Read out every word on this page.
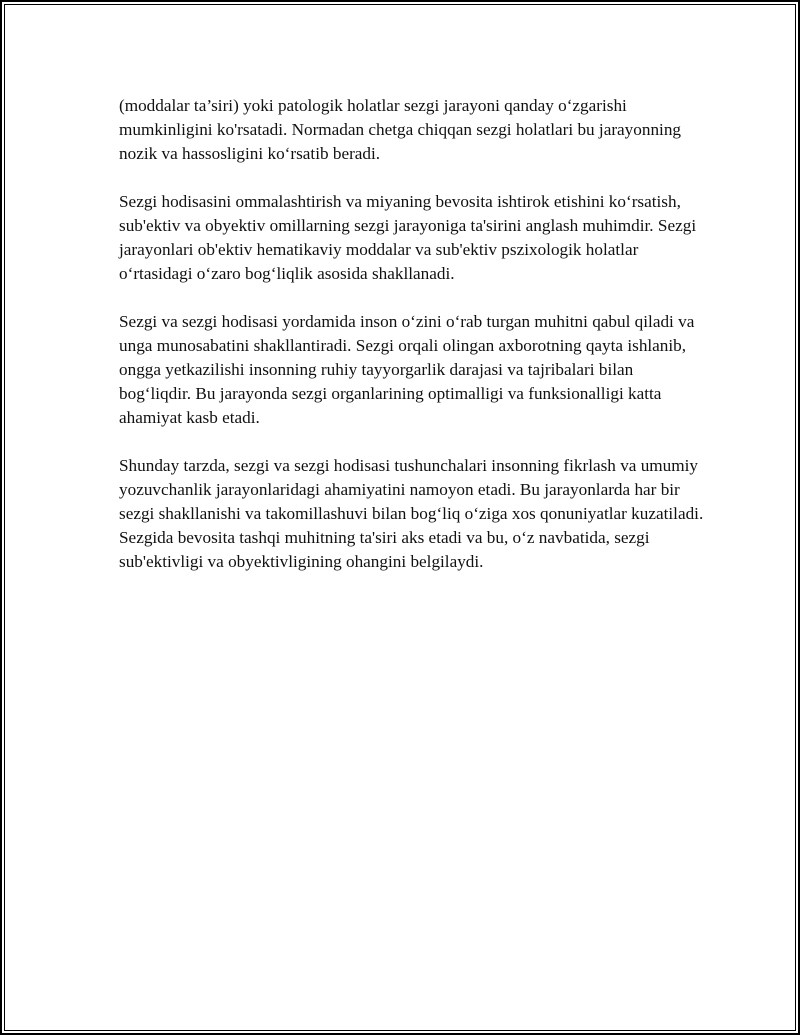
(moddalar ta’siri) yoki patologik holatlar sezgi jarayoni qanday o‘zgarishi mumkinligini ko'rsatadi. Normadan chetga chiqqan sezgi holatlari bu jarayonning nozik va hassosligini ko‘rsatib beradi.

Sezgi hodisasini ommalashtirish va miyaning bevosita ishtirok etishini ko‘rsatish, sub'ektiv va obyektiv omillarning sezgi jarayoniga ta'sirini anglash muhimdir. Sezgi jarayonlari ob'ektiv hematikaviy moddalar va sub'ektiv pszixologik holatlar o‘rtasidagi o‘zaro bog‘liqlik asosida shakllanadi.

Sezgi va sezgi hodisasi yordamida inson o‘zini o‘rab turgan muhitni qabul qiladi va unga munosabatini shakllantiradi. Sezgi orqali olingan axborotning qayta ishlanib, ongga yetkazilishi insonning ruhiy tayyorgarlik darajasi va tajribalari bilan bog‘liqdir. Bu jarayonda sezgi organlarining optimalligi va funksionalligi katta ahamiyat kasb etadi.

Shunday tarzda, sezgi va sezgi hodisasi tushunchalari insonning fikrlash va umumiy yozuvchanlik jarayonlaridagi ahamiyatini namoyon etadi. Bu jarayonlarda har bir sezgi shakllanishi va takomillashuvi bilan bog‘liq o‘ziga xos qonuniyatlar kuzatiladi. Sezgida bevosita tashqi muhitning ta'siri aks etadi va bu, o‘z navbatida, sezgi sub'ektivligi va obyektivligining ohangini belgilaydi.
